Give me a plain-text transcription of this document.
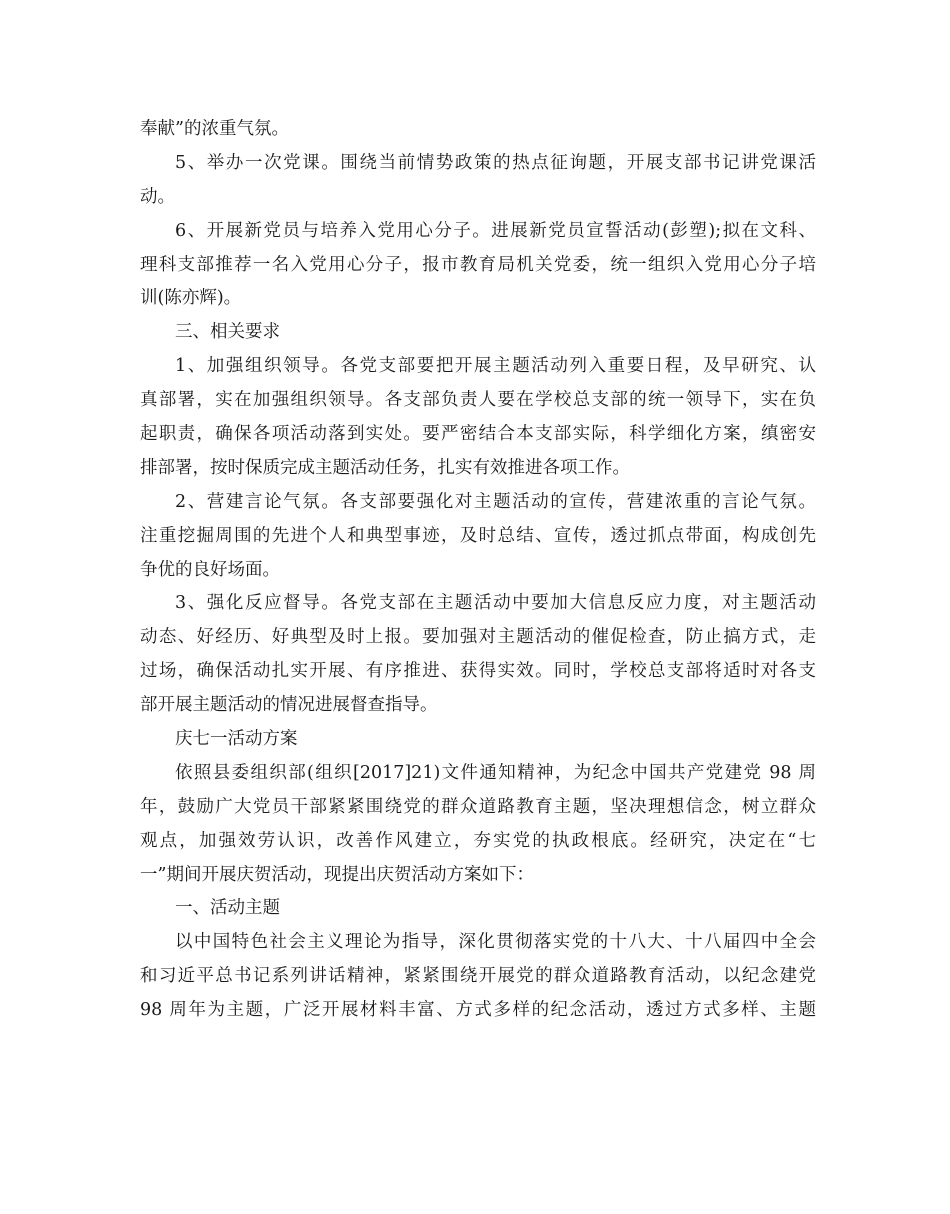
奉献”的浓重气氛。
5、举办一次党课。围绕当前情势政策的热点征询题，开展支部书记讲党课活
动。
6、开展新党员与培养入党用心分子。进展新党员宣誓活动(彭塑);拟在文科、
理科支部推荐一名入党用心分子，报市教育局机关党委，统一组织入党用心分子培
训(陈亦辉)。
三、相关要求
1、加强组织领导。各党支部要把开展主题活动列入重要日程，及早研究、认
真部署，实在加强组织领导。各支部负责人要在学校总支部的统一领导下，实在负
起职责，确保各项活动落到实处。要严密结合本支部实际，科学细化方案，缜密安
排部署，按时保质完成主题活动任务，扎实有效推进各项工作。
2、营建言论气氛。各支部要强化对主题活动的宣传，营建浓重的言论气氛。
注重挖掘周围的先进个人和典型事迹，及时总结、宣传，透过抓点带面，构成创先
争优的良好场面。
3、强化反应督导。各党支部在主题活动中要加大信息反应力度，对主题活动
动态、好经历、好典型及时上报。要加强对主题活动的催促检查，防止搞方式，走
过场，确保活动扎实开展、有序推进、获得实效。同时，学校总支部将适时对各支
部开展主题活动的情况进展督查指导。
庆七一活动方案
依照县委组织部(组织[2017]21)文件通知精神，为纪念中国共产党建党 98 周
年，鼓励广大党员干部紧紧围绕党的群众道路教育主题，坚决理想信念，树立群众
观点，加强效劳认识，改善作风建立，夯实党的执政根底。经研究，决定在“七
一”期间开展庆贺活动，现提出庆贺活动方案如下：
一、活动主题
以中国特色社会主义理论为指导，深化贯彻落实党的十八大、十八届四中全会
和习近平总书记系列讲话精神，紧紧围绕开展党的群众道路教育活动，以纪念建党
98 周年为主题，广泛开展材料丰富、方式多样的纪念活动，透过方式多样、主题
